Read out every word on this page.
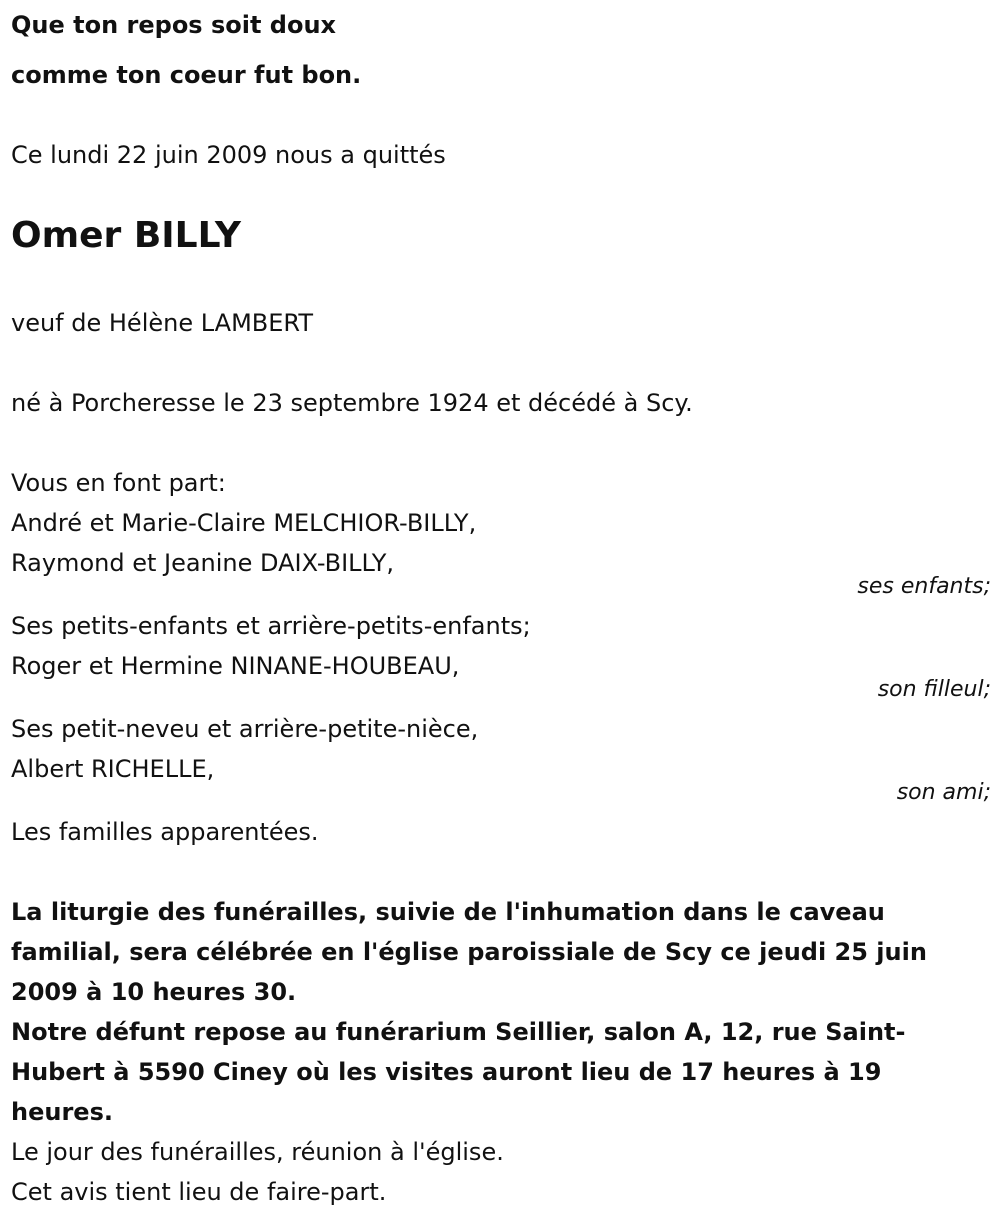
Que ton repos soit doux
comme ton coeur fut bon.
Ce lundi 22 juin 2009 nous a quittés
Omer BILLY
veuf de Hélène LAMBERT
né à Porcheresse le 23 septembre 1924 et décédé à Scy.
Vous en font part:
André et Marie-Claire MELCHIOR-BILLY,
Raymond et Jeanine DAIX-BILLY,
ses enfants;
Ses petits-enfants et arrière-petits-enfants;
Roger et Hermine NINANE-HOUBEAU,
son filleul;
Ses petit-neveu et arrière-petite-nièce,
Albert RICHELLE,
son ami;
Les familles apparentées.

La liturgie des funérailles, suivie de l'inhumation dans le caveau familial, sera célébrée en l'église paroissiale de Scy ce jeudi 25 juin 2009 à 10 heures 30.

Notre défunt repose au funérarium Seillier, salon A, 12, rue Saint-Hubert à 5590 Ciney où les visites auront lieu de 17 heures à 19 heures.

Le jour des funérailles, réunion à l'église.

Cet avis tient lieu de faire-part.
